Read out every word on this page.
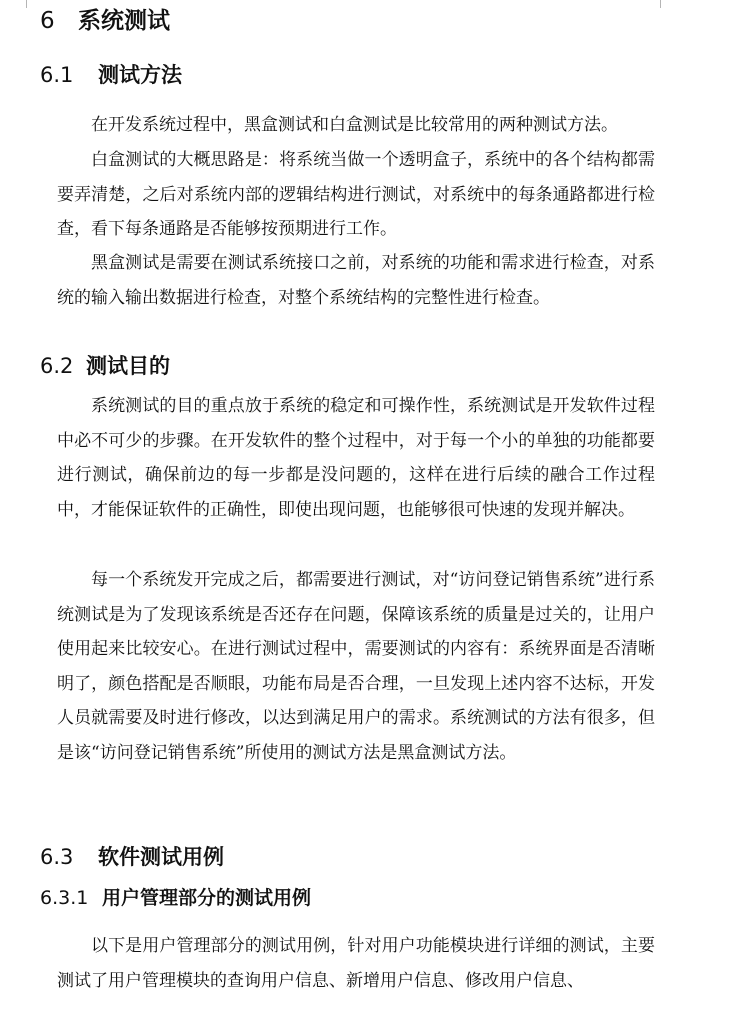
6 系统测试
6.1 测试方法

在开发系统过程中，黑盒测试和白盒测试是比较常用的两种测试方法。

白盒测试的大概思路是：将系统当做一个透明盒子，系统中的各个结构都需要弄清楚，之后对系统内部的逻辑结构进行测试，对系统中的每条通路都进行检查，看下每条通路是否能够按预期进行工作。

黑盒测试是需要在测试系统接口之前，对系统的功能和需求进行检查，对系统的输入输出数据进行检查，对整个系统结构的完整性进行检查。

6.2 测试目的

系统测试的目的重点放于系统的稳定和可操作性，系统测试是开发软件过程中必不可少的步骤。在开发软件的整个过程中，对于每一个小的单独的功能都要进行测试，确保前边的每一步都是没问题的，这样在进行后续的融合工作过程中，才能保证软件的正确性，即使出现问题，也能够很可快速的发现并解决。

每一个系统发开完成之后，都需要进行测试，对“访问登记销售系统”进行系统测试是为了发现该系统是否还存在问题，保障该系统的质量是过关的，让用户使用起来比较安心。在进行测试过程中，需要测试的内容有：系统界面是否清晰明了，颜色搭配是否顺眼，功能布局是否合理，一旦发现上述内容不达标，开发人员就需要及时进行修改，以达到满足用户的需求。系统测试的方法有很多，但是该“访问登记销售系统”所使用的测试方法是黑盒测试方法。

6.3 软件测试用例
6.3.1 用户管理部分的测试用例

以下是用户管理部分的测试用例，针对用户功能模块进行详细的测试，主要测试了用户管理模块的查询用户信息、新增用户信息、修改用户信息、
